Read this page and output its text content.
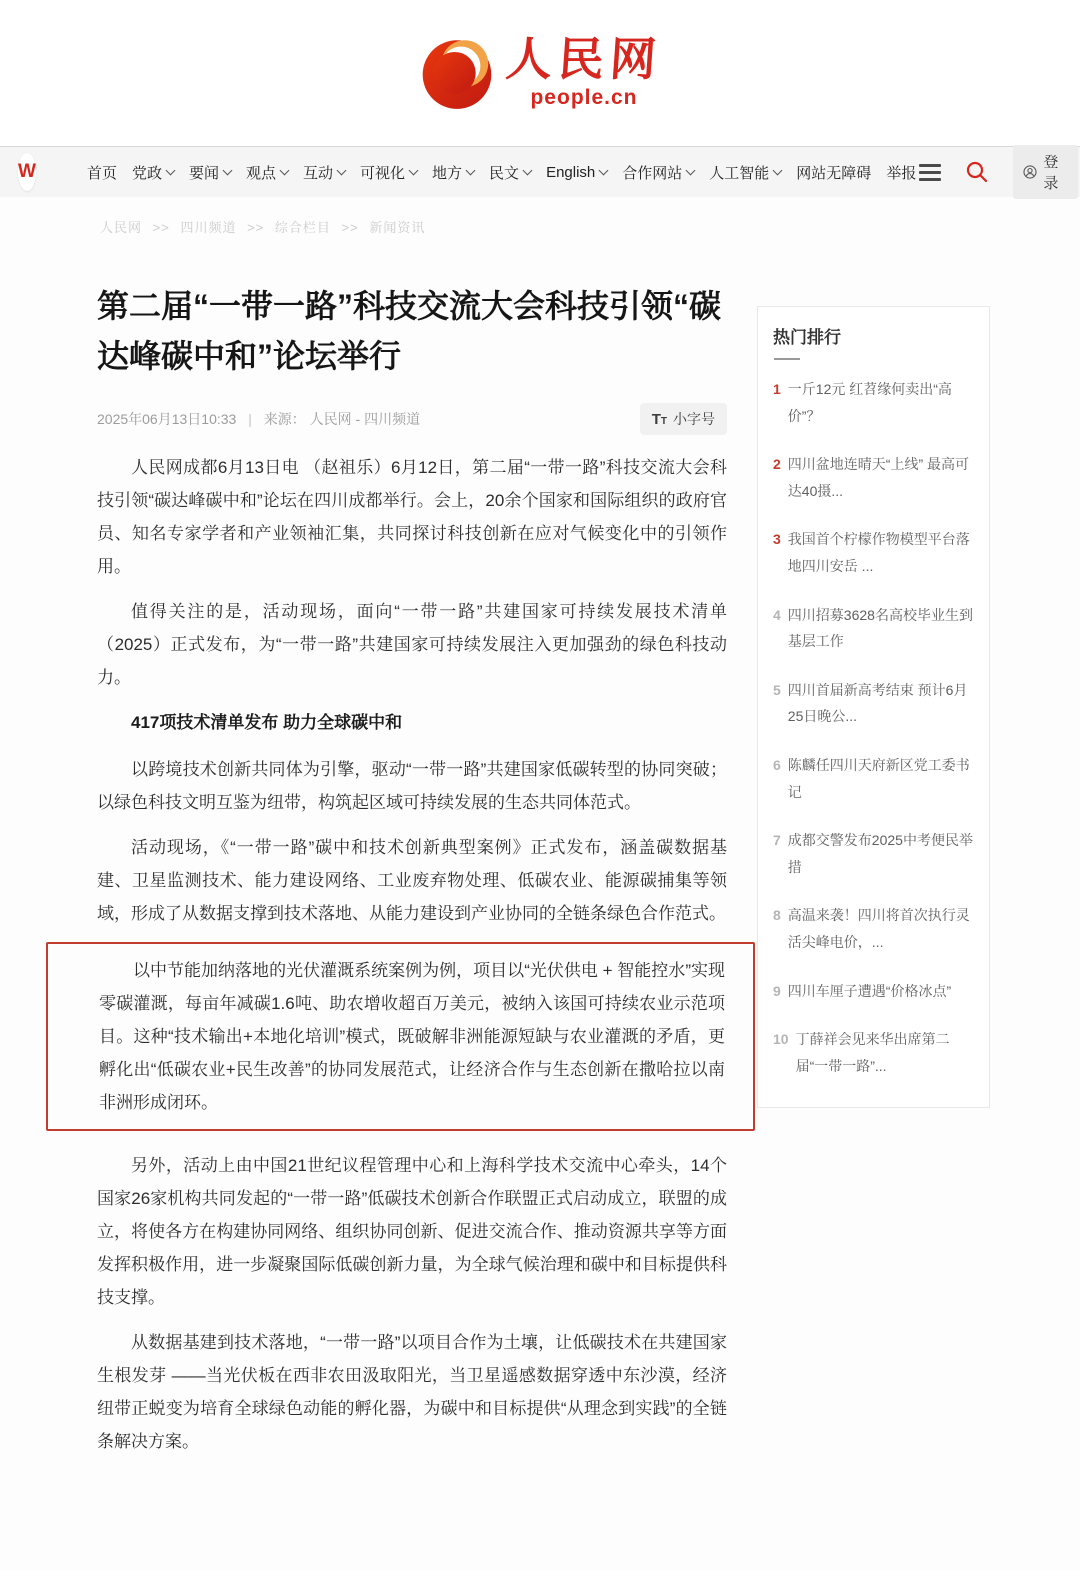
人民网
people.cn
W	首页 党政 要闻 观点 互动 可视化 地方 民文 English 合作网站 人工智能 网站无障碍 举报
登录
人民网 >> 四川频道 >> 综合栏目 >> 新闻资讯
第二届“一带一路”科技交流大会科技引领“碳达峰碳中和”论坛举行
2025年06月13日10:33 | 来源： 人民网 - 四川频道	T T 小字号

人民网成都6月13日电 （赵祖乐）6月12日，第二届“一带一路”科技交流大会科技引领“碳达峰碳中和”论坛在四川成都举行。会上，20余个国家和国际组织的政府官员、知名专家学者和产业领袖汇集，共同探讨科技创新在应对气候变化中的引领作用。

值得关注的是，活动现场，面向“一带一路”共建国家可持续发展技术清单（2025）正式发布，为“一带一路”共建国家可持续发展注入更加强劲的绿色科技动力。

417项技术清单发布 助力全球碳中和

以跨境技术创新共同体为引擎，驱动“一带一路”共建国家低碳转型的协同突破；以绿色科技文明互鉴为纽带，构筑起区域可持续发展的生态共同体范式。

活动现场，《“一带一路”碳中和技术创新典型案例》正式发布，涵盖碳数据基建、卫星监测技术、能力建设网络、工业废弃物处理、低碳农业、能源碳捕集等领域，形成了从数据支撑到技术落地、从能力建设到产业协同的全链条绿色合作范式。

以中节能加纳落地的光伏灌溉系统案例为例，项目以“光伏供电 + 智能控水”实现零碳灌溉，每亩年减碳1.6吨、助农增收超百万美元，被纳入该国可持续农业示范项目。这种“技术输出+本地化培训”模式，既破解非洲能源短缺与农业灌溉的矛盾，更孵化出“低碳农业+民生改善”的协同发展范式，让经济合作与生态创新在撒哈拉以南非洲形成闭环。

另外，活动上由中国21世纪议程管理中心和上海科学技术交流中心牵头，14个国家26家机构共同发起的“一带一路”低碳技术创新合作联盟正式启动成立，联盟的成立，将使各方在构建协同网络、组织协同创新、促进交流合作、推动资源共享等方面发挥积极作用，进一步凝聚国际低碳创新力量，为全球气候治理和碳中和目标提供科技支撑。

从数据基建到技术落地，“一带一路”以项目合作为土壤，让低碳技术在共建国家生根发芽 ——当光伏板在西非农田汲取阳光，当卫星遥感数据穿透中东沙漠，经济纽带正蜕变为培育全球绿色动能的孵化器，为碳中和目标提供“从理念到实践”的全链条解决方案。

热门排行
1 一斤12元 红苕缘何卖出“高价”？
2 四川盆地连晴天“上线” 最高可达40摄...
3 我国首个柠檬作物模型平台落地四川安岳 ...
4 四川招募3628名高校毕业生到基层工作
5 四川首届新高考结束 预计6月25日晚公...
6 陈麟任四川天府新区党工委书记
7 成都交警发布2025中考便民举措
8 高温来袭！四川将首次执行灵活尖峰电价，...
9 四川车厘子遭遇“价格冰点”
10 丁薛祥会见来华出席第二届“一带一路”...
